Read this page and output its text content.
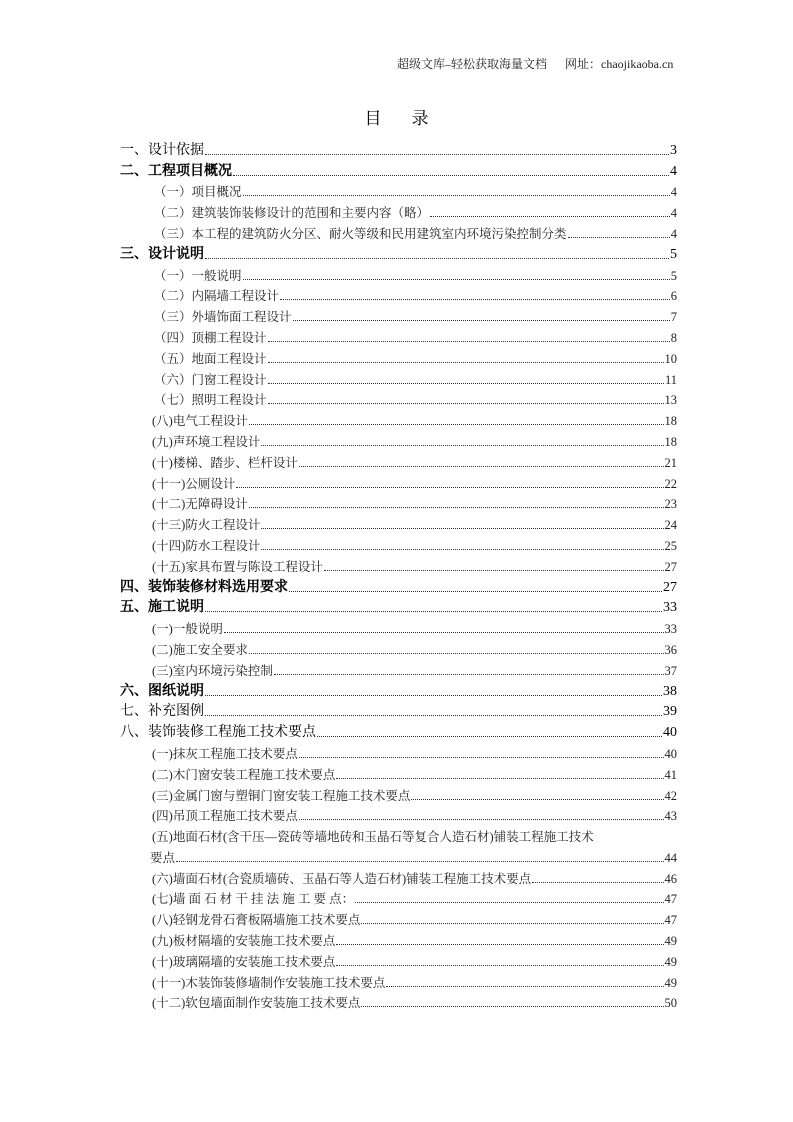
超级文库–轻松获取海量文档 网址：chaojikaoba.cn
目 录
一、设计依据	3
二、工程项目概况	4
（一）项目概况	4
（二）建筑装饰装修设计的范围和主要内容（略）	4
（三）本工程的建筑防火分区、耐火等级和民用建筑室内环境污染控制分类	4
三、设计说明	5
（一）一般说明	5
（二）内隔墙工程设计	6
（三）外墙饰面工程设计	7
（四）顶棚工程设计	8
（五）地面工程设计	10
（六）门窗工程设计	11
（七）照明工程设计	13
(八)电气工程设计	18
(九)声环境工程设计	18
(十)楼梯、踏步、栏杆设计	21
(十一)公厕设计	22
(十二)无障碍设计	23
(十三)防火工程设计	24
(十四)防水工程设计	25
(十五)家具布置与陈设工程设计	27
四、装饰装修材料选用要求	27
五、施工说明	33
(一)一般说明	33
(二)施工安全要求	36
(三)室内环境污染控制	37
六、图纸说明	38
七、补充图例	39
八、装饰装修工程施工技术要点	40
(一)抹灰工程施工技术要点	40
(二)木门窗安装工程施工技术要点	41
(三)金属门窗与塑铜门窗安装工程施工技术要点	42
(四)吊顶工程施工技术要点	43
(五)地面石材(含干压—瓷砖等墙地砖和玉晶石等复合人造石材)铺装工程施工技术
要点	44
(六)墙面石材(合瓷质墙砖、玉晶石等人造石材)铺装工程施工技术要点	46
(七)墙 面 石 材 干 挂 法 施 工 要 点：	47
(八)轻钢龙骨石膏板隔墙施工技术要点	47
(九)板材隔墙的安装施工技术要点	49
(十)玻璃隔墙的安装施工技术要点	49
(十一)木装饰装修墙制作安装施工技术要点	49
(十二)软包墙面制作安装施工技术要点	50
